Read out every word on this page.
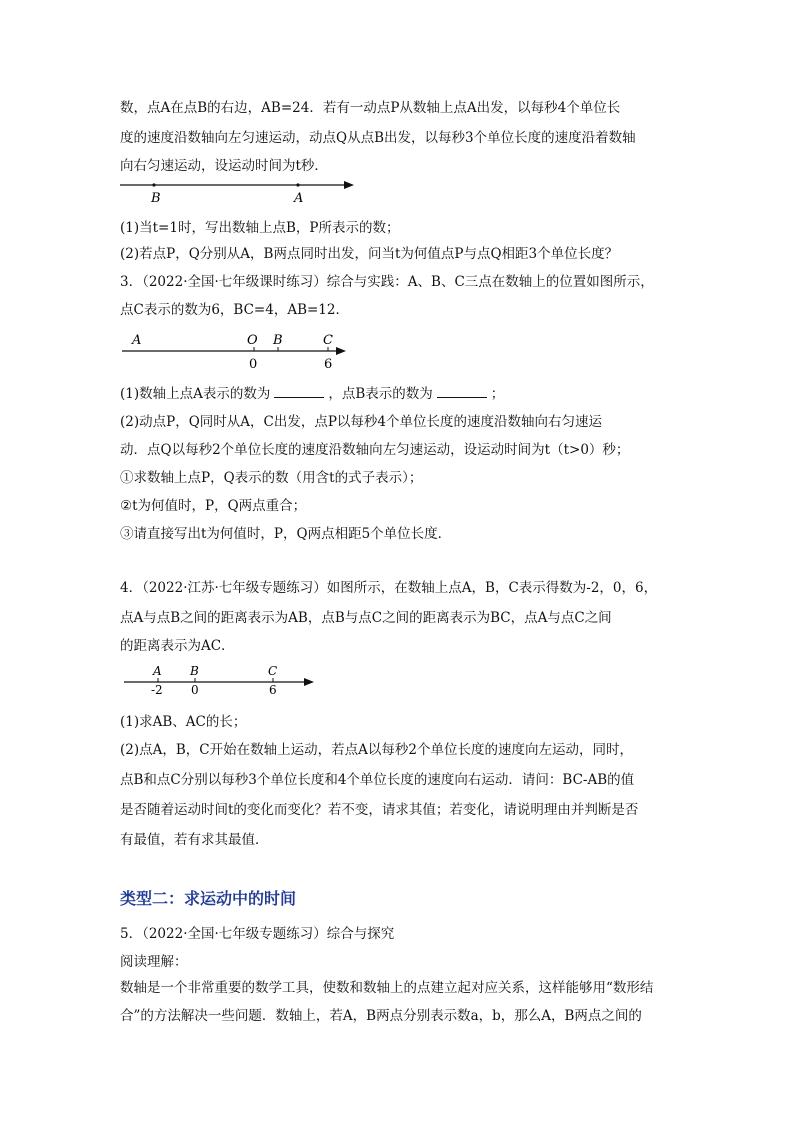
数，点A在点B的右边，AB=24．若有一动点P从数轴上点A出发，以每秒4个单位长
度的速度沿数轴向左匀速运动，动点Q从点B出发，以每秒3个单位长度的速度沿着数轴
向右匀速运动，设运动时间为t秒．
B	A
(1)当t=1时，写出数轴上点B，P所表示的数；
(2)若点P，Q分别从A，B两点同时出发，问当t为何值点P与点Q相距3个单位长度？
3．（2022·全国·七年级课时练习）综合与实践：A、B、C三点在数轴上的位置如图所示，
点C表示的数为6，BC=4，AB=12．
A	O B	C
0	6
(1)数轴上点A表示的数为	，点B表示的数为	；
(2)动点P，Q同时从A，C出发，点P以每秒4个单位长度的速度沿数轴向右匀速运
动．点Q以每秒2个单位长度的速度沿数轴向左匀速运动，设运动时间为t（t>0）秒；
①求数轴上点P，Q表示的数（用含t的式子表示）；
②t为何值时，P，Q两点重合；
③请直接写出t为何值时，P，Q两点相距5个单位长度．
4．（2022·江苏·七年级专题练习）如图所示，在数轴上点A，B，C表示得数为-2，0，6，
点A与点B之间的距离表示为AB，点B与点C之间的距离表示为BC，点A与点C之间
的距离表示为AC．
A B	C
-2 0	6
(1)求AB、AC的长；
(2)点A，B，C开始在数轴上运动，若点A以每秒2个单位长度的速度向左运动，同时，
点B和点C分别以每秒3个单位长度和4个单位长度的速度向右运动．请问：BC-AB的值
是否随着运动时间t的变化而变化？若不变，请求其值；若变化，请说明理由并判断是否
有最值，若有求其最值．
类型二：求运动中的时间
5．（2022·全国·七年级专题练习）综合与探究
阅读理解：
数轴是一个非常重要的数学工具，使数和数轴上的点建立起对应关系，这样能够用“数形结
合”的方法解决一些问题．数轴上，若A，B两点分别表示数a，b，那么A，B两点之间的
